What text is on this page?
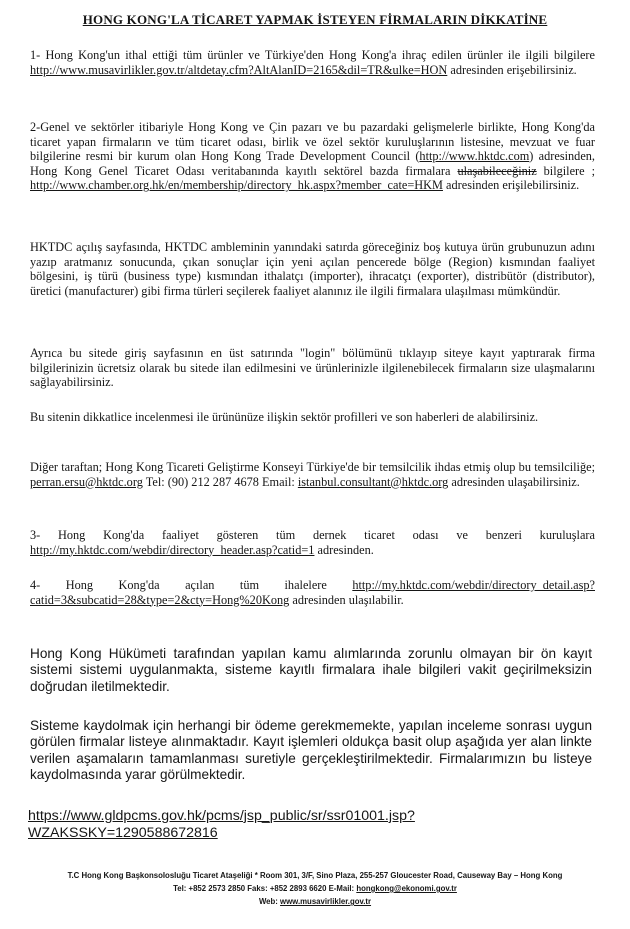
HONG KONG'LA TİCARET YAPMAK İSTEYEN FİRMALARIN DİKKATİNE

1- Hong Kong'un ithal ettiği tüm ürünler ve Türkiye'den Hong Kong'a ihraç edilen ürünler ile ilgili bilgilere http://www.musavirlikler.gov.tr/altdetay.cfm?AltAlanID=2165&dil=TR&ulke=HON adresinden erişebilirsiniz.

2-Genel ve sektörler itibariyle Hong Kong ve Çin pazarı ve bu pazardaki gelişmelerle birlikte, Hong Kong'da ticaret yapan firmaların ve tüm ticaret odası, birlik ve özel sektör kuruluşlarının listesine, mevzuat ve fuar bilgilerine resmi bir kurum olan Hong Kong Trade Development Council (http://www.hktdc.com) adresinden, Hong Kong Genel Ticaret Odası veritabanında kayıtlı sektörel bazda firmalara ulaşabileceğiniz bilgilere ; http://www.chamber.org.hk/en/membership/directory_hk.aspx?member_cate=HKM adresinden erişilebilirsiniz.

HKTDC açılış sayfasında, HKTDC ambleminin yanındaki satırda göreceğiniz boş kutuya ürün grubunuzun adını yazıp aratmanız sonucunda, çıkan sonuçlar için yeni açılan pencerede bölge (Region) kısmından faaliyet bölgesini, iş türü (business type) kısmından ithalatçı (importer), ihracatçı (exporter), distribütör (distributor), üretici (manufacturer) gibi firma türleri seçilerek faaliyet alanınız ile ilgili firmalara ulaşılması mümkündür.

Ayrıca bu sitede giriş sayfasının en üst satırında "login" bölümünü tıklayıp siteye kayıt yaptırarak firma bilgilerinizin ücretsiz olarak bu sitede ilan edilmesini ve ürünlerinizle ilgilenebilecek firmaların size ulaşmalarını sağlayabilirsiniz.

Bu sitenin dikkatlice incelenmesi ile ürününüze ilişkin sektör profilleri ve son haberleri de alabilirsiniz.

Diğer taraftan; Hong Kong Ticareti Geliştirme Konseyi Türkiye'de bir temsilcilik ihdas etmiş olup bu temsilciliğe; perran.ersu@hktdc.org Tel: (90) 212 287 4678 Email: istanbul.consultant@hktdc.org adresinden ulaşabilirsiniz.

3- Hong Kong'da faaliyet gösteren tüm dernek ticaret odası ve benzeri kuruluşlara http://my.hktdc.com/webdir/directory_header.asp?catid=1 adresinden.

4- Hong Kong'da açılan tüm ihalelere http://my.hktdc.com/webdir/directory_detail.asp?catid=3&subcatid=28&type=2&cty=Hong%20Kong adresinden ulaşılabilir.

Hong Kong Hükümeti tarafından yapılan kamu alımlarında zorunlu olmayan bir ön kayıt sistemi sistemi uygulanmakta, sisteme kayıtlı firmalara ihale bilgileri vakit geçirilmeksizin doğrudan iletilmektedir.

Sisteme kaydolmak için herhangi bir ödeme gerekmemekte, yapılan inceleme sonrası uygun görülen firmalar listeye alınmaktadır. Kayıt işlemleri oldukça basit olup aşağıda yer alan linkte verilen aşamaların tamamlanması suretiyle gerçekleştirilmektedir. Firmalarımızın bu listeye kaydolmasında yarar görülmektedir.

https://www.gldpcms.gov.hk/pcms/jsp_public/sr/ssr01001.jsp?WZAKSSKY=1290588672816
T.C Hong Kong Başkonsolosluğu Ticaret Ataşeliği * Room 301, 3/F, Sino Plaza, 255-257 Gloucester Road, Causeway Bay – Hong Kong
Tel: +852 2573 2850 Faks: +852 2893 6620 E-Mail: hongkong@ekonomi.gov.tr
Web: www.musavirlikler.gov.tr
